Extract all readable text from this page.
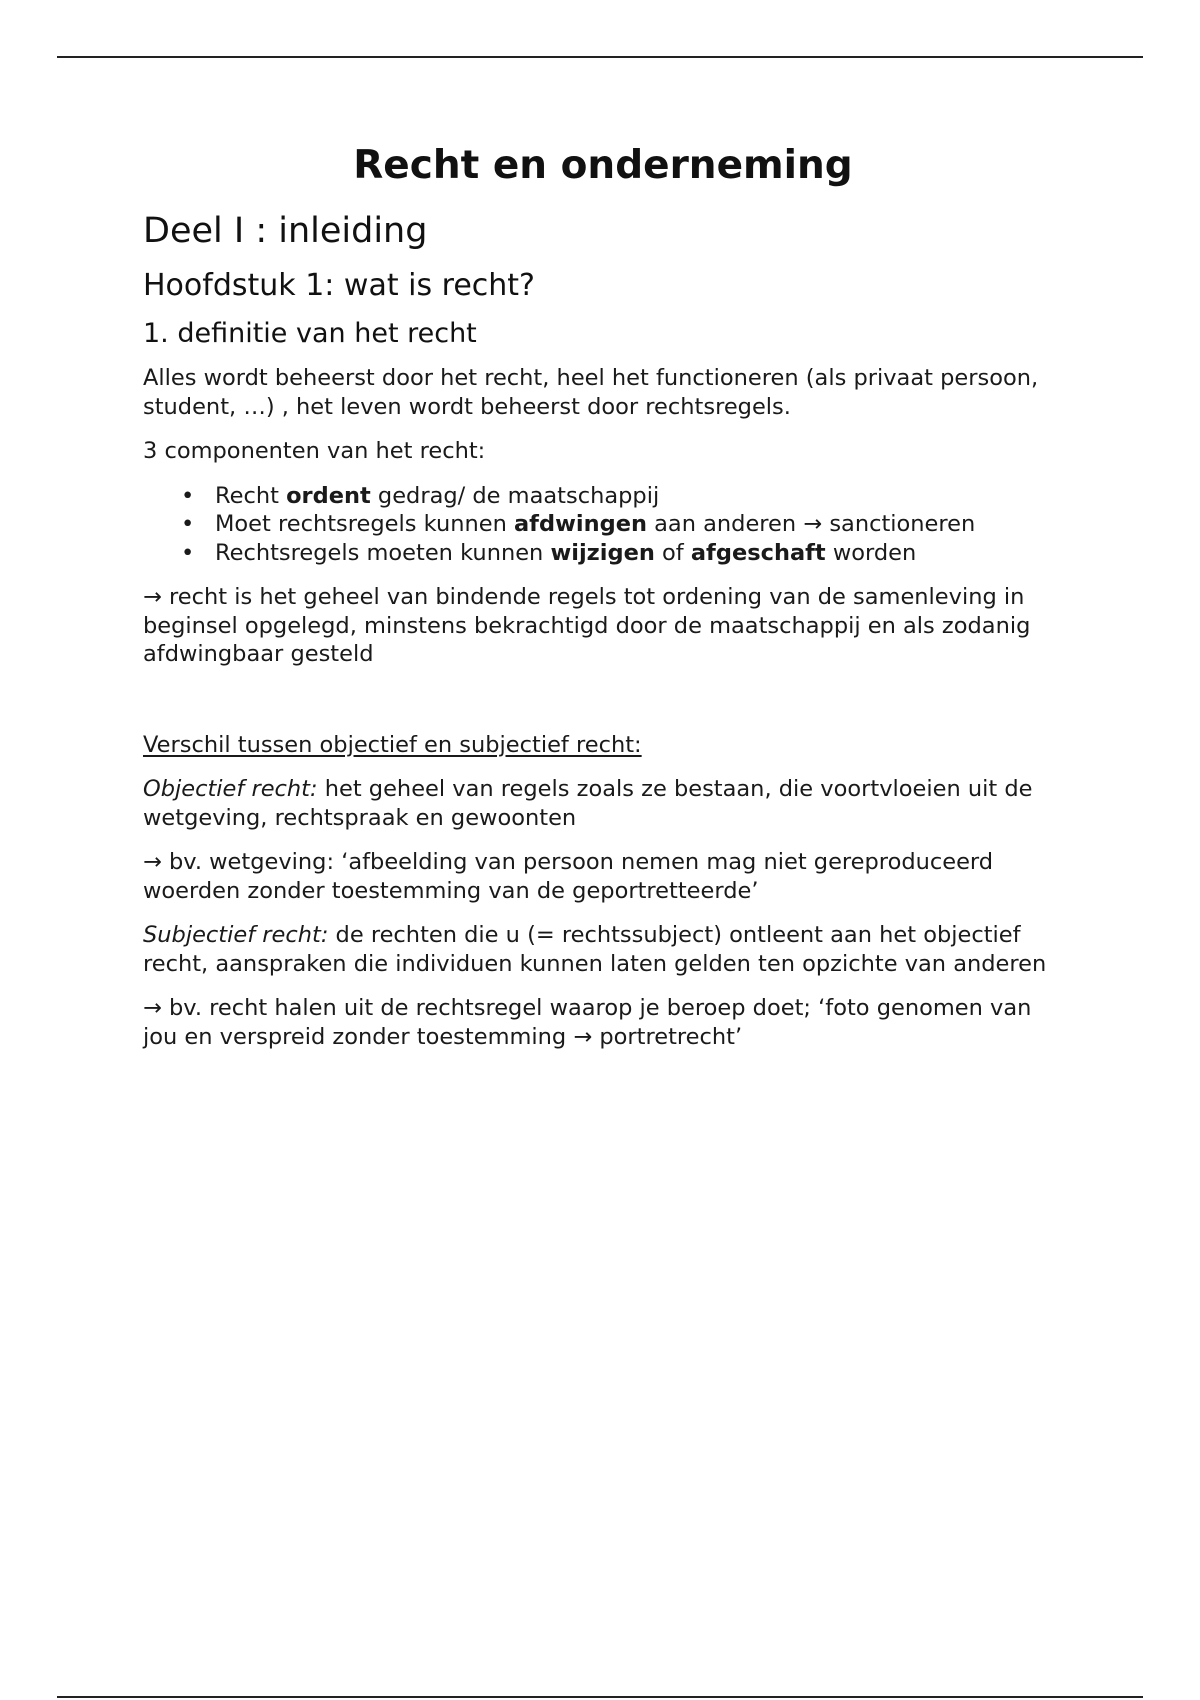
Recht en onderneming
Deel I : inleiding
Hoofdstuk 1: wat is recht?
1. definitie van het recht

Alles wordt beheerst door het recht, heel het functioneren (als privaat persoon, student, …) , het leven wordt beheerst door rechtsregels.

3 componenten van het recht:

• Recht ordent gedrag/ de maatschappij
• Moet rechtsregels kunnen afdwingen aan anderen → sanctioneren
• Rechtsregels moeten kunnen wijzigen of afgeschaft worden

→ recht is het geheel van bindende regels tot ordening van de samenleving in beginsel opgelegd, minstens bekrachtigd door de maatschappij en als zodanig afdwingbaar gesteld

Verschil tussen objectief en subjectief recht:

Objectief recht: het geheel van regels zoals ze bestaan, die voortvloeien uit de wetgeving, rechtspraak en gewoonten

→ bv. wetgeving: ‘afbeelding van persoon nemen mag niet gereproduceerd woerden zonder toestemming van de geportretteerde’

Subjectief recht: de rechten die u (= rechtssubject) ontleent aan het objectief recht, aanspraken die individuen kunnen laten gelden ten opzichte van anderen

→ bv. recht halen uit de rechtsregel waarop je beroep doet; ‘foto genomen van jou en verspreid zonder toestemming → portretrecht’
